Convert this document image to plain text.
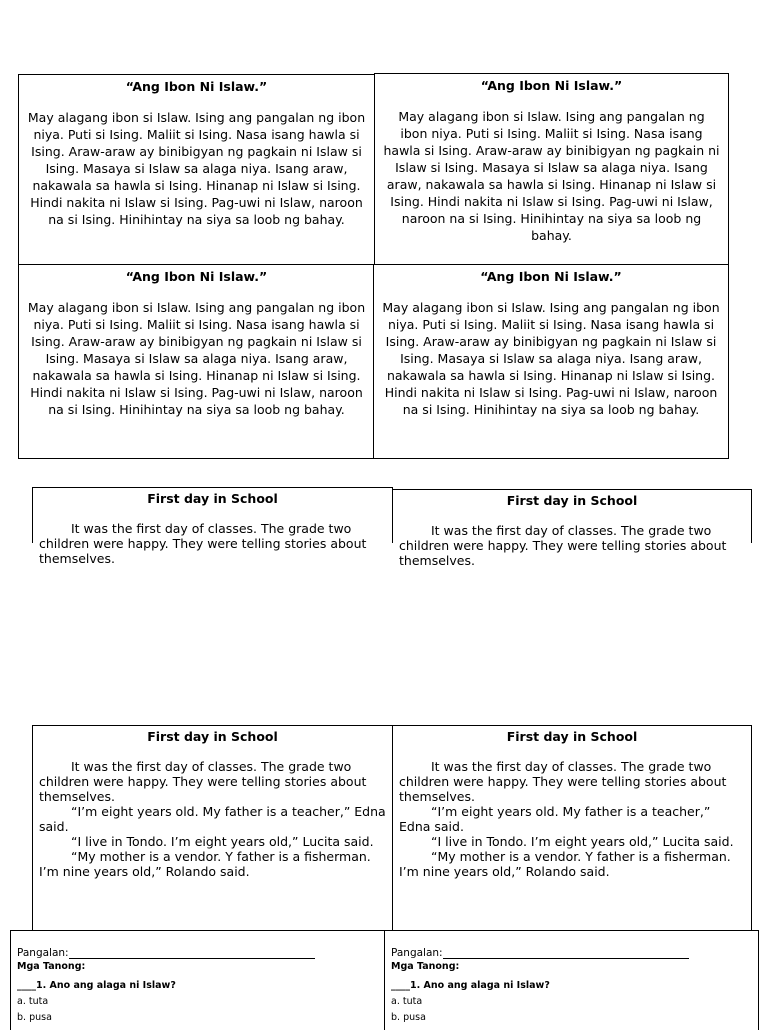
“Ang Ibon Ni Islaw.”
May alagang ibon si Islaw. Ising ang pangalan ng ibon niya. Puti si Ising. Maliit si Ising. Nasa isang hawla si Ising. Araw-araw ay binibigyan ng pagkain ni Islaw si Ising. Masaya si Islaw sa alaga niya. Isang araw, nakawala sa hawla si Ising. Hinanap ni Islaw si Ising. Hindi nakita ni Islaw si Ising. Pag-uwi ni Islaw, naroon na si Ising. Hinihintay na siya sa loob ng bahay.
“Ang Ibon Ni Islaw.”
May alagang ibon si Islaw. Ising ang pangalan ng ibon niya. Puti si Ising. Maliit si Ising. Nasa isang hawla si Ising. Araw-araw ay binibigyan ng pagkain ni Islaw si Ising. Masaya si Islaw sa alaga niya. Isang araw, nakawala sa hawla si Ising. Hinanap ni Islaw si Ising. Hindi nakita ni Islaw si Ising. Pag-uwi ni Islaw, naroon na si Ising. Hinihintay na siya sa loob ng bahay.
“Ang Ibon Ni Islaw.”
May alagang ibon si Islaw. Ising ang pangalan ng ibon niya. Puti si Ising. Maliit si Ising. Nasa isang hawla si Ising. Araw-araw ay binibigyan ng pagkain ni Islaw si Ising. Masaya si Islaw sa alaga niya. Isang araw, nakawala sa hawla si Ising. Hinanap ni Islaw si Ising. Hindi nakita ni Islaw si Ising. Pag-uwi ni Islaw, naroon na si Ising. Hinihintay na siya sa loob ng bahay.
“Ang Ibon Ni Islaw.”
May alagang ibon si Islaw. Ising ang pangalan ng ibon niya. Puti si Ising. Maliit si Ising. Nasa isang hawla si Ising. Araw-araw ay binibigyan ng pagkain ni Islaw si Ising. Masaya si Islaw sa alaga niya. Isang araw, nakawala sa hawla si Ising. Hinanap ni Islaw si Ising. Hindi nakita ni Islaw si Ising. Pag-uwi ni Islaw, naroon na si Ising. Hinihintay na siya sa loob ng bahay.
First day in School

It was the first day of classes. The grade two children were happy. They were telling stories about themselves.

First day in School

It was the first day of classes. The grade two children were happy. They were telling stories about themselves.

First day in School

It was the first day of classes. The grade two children were happy. They were telling stories about themselves.

“I’m eight years old. My father is a teacher,” Edna said.

“I live in Tondo. I’m eight years old,” Lucita said.

“My mother is a vendor. Y father is a fisherman. I’m nine years old,” Rolando said.

First day in School

It was the first day of classes. The grade two children were happy. They were telling stories about themselves.

“I’m eight years old. My father is a teacher,” Edna said.

“I live in Tondo. I’m eight years old,” Lucita said.

“My mother is a vendor. Y father is a fisherman. I’m nine years old,” Rolando said.

Pangalan:
Mga Tanong:
____1. Ano ang alaga ni Islaw?
a. tuta
b. pusa
Pangalan:
Mga Tanong:
____1. Ano ang alaga ni Islaw?
a. tuta
b. pusa
